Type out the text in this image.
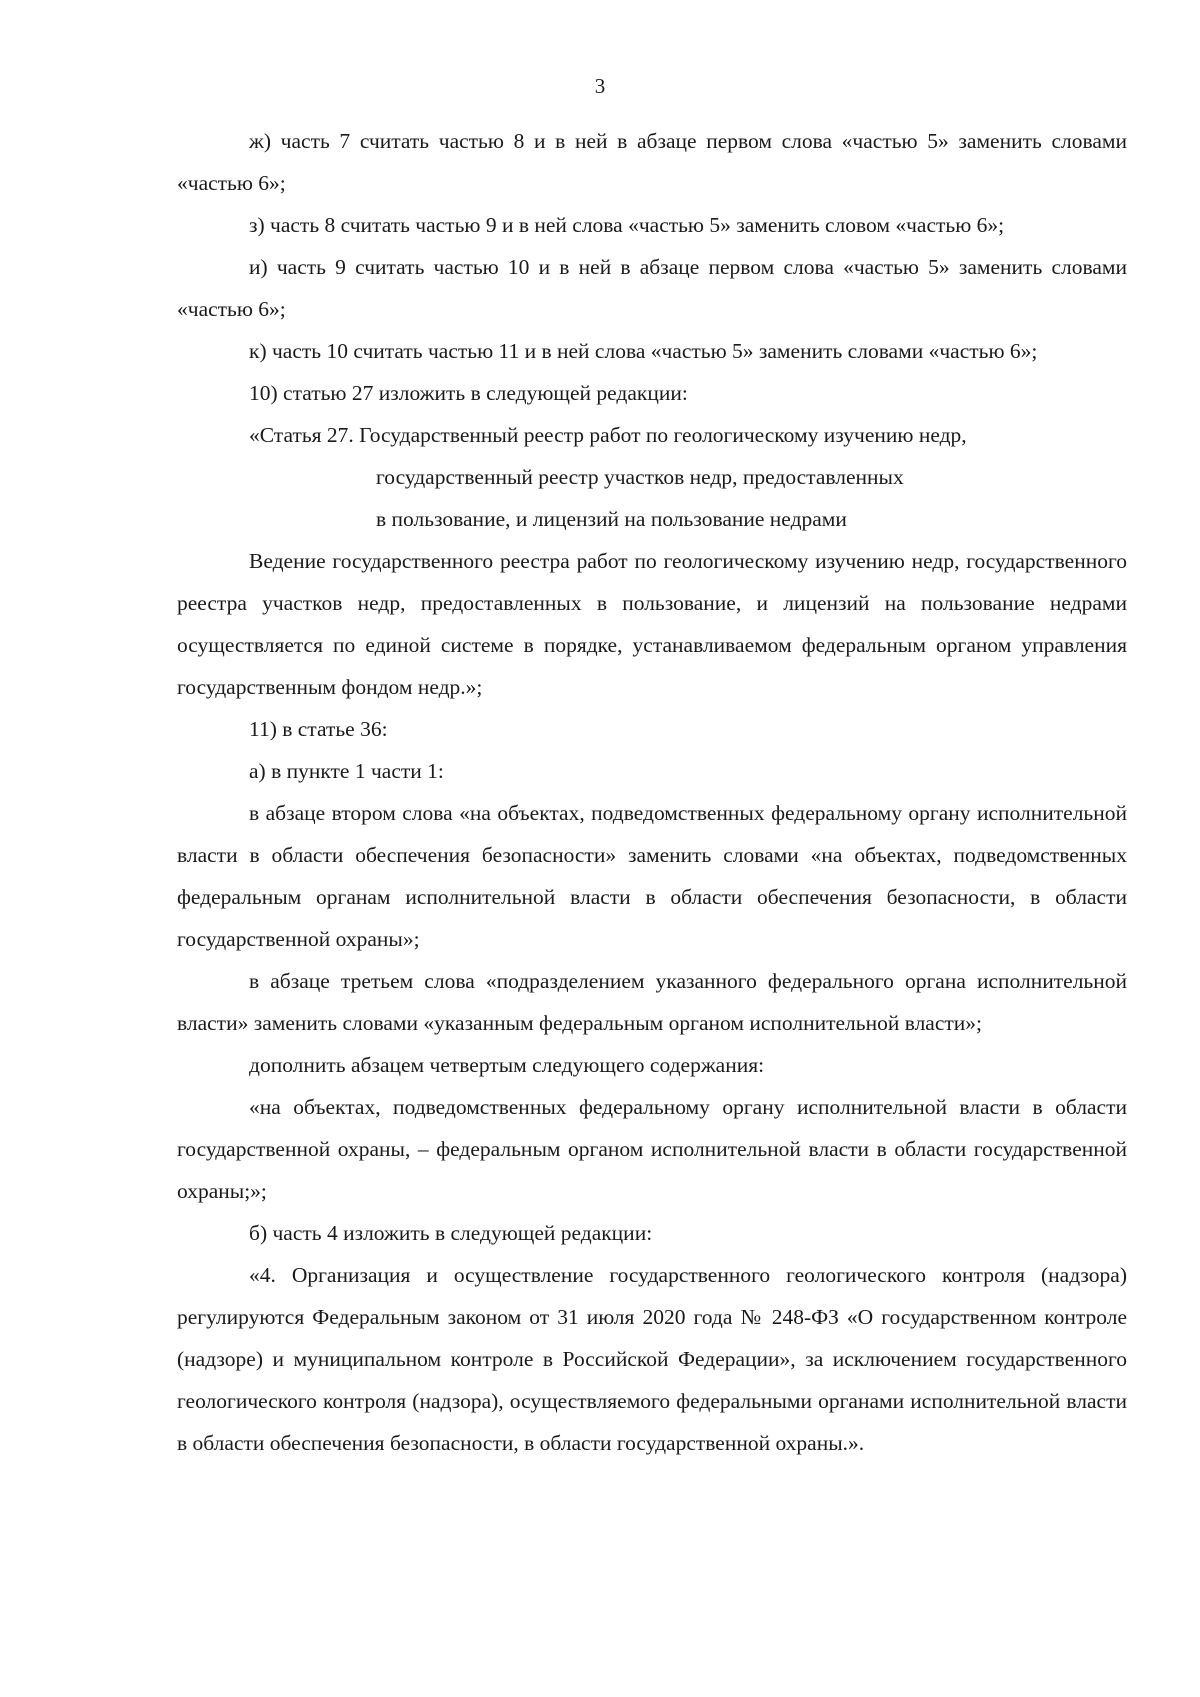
3

ж) часть 7 считать частью 8 и в ней в абзаце первом слова «частью 5» заменить словами «частью 6»;

з) часть 8 считать частью 9 и в ней слова «частью 5» заменить словом «частью 6»;

и) часть 9 считать частью 10 и в ней в абзаце первом слова «частью 5» заменить словами «частью 6»;

к) часть 10 считать частью 11 и в ней слова «частью 5» заменить словами «частью 6»;

10) статью 27 изложить в следующей редакции:

«Статья 27. Государственный реестр работ по геологическому изучению недр,
государственный реестр участков недр, предоставленных
в пользование, и лицензий на пользование недрами

Ведение государственного реестра работ по геологическому изучению недр, государственного реестра участков недр, предоставленных в пользование, и лицензий на пользование недрами осуществляется по единой системе в порядке, устанавливаемом федеральным органом управления государственным фондом недр.»;

11) в статье 36:

а) в пункте 1 части 1:

в абзаце втором слова «на объектах, подведомственных федеральному органу исполнительной власти в области обеспечения безопасности» заменить словами «на объектах, подведомственных федеральным органам исполнительной власти в области обеспечения безопасности, в области государственной охраны»;

в абзаце третьем слова «подразделением указанного федерального органа исполнительной власти» заменить словами «указанным федеральным органом исполнительной власти»;

дополнить абзацем четвертым следующего содержания:

«на объектах, подведомственных федеральному органу исполнительной власти в области государственной охраны, – федеральным органом исполнительной власти в области государственной охраны;»;

б) часть 4 изложить в следующей редакции:

«4. Организация и осуществление государственного геологического контроля (надзора) регулируются Федеральным законом от 31 июля 2020 года № 248-ФЗ «О государственном контроле (надзоре) и муниципальном контроле в Российской Федерации», за исключением государственного геологического контроля (надзора), осуществляемого федеральными органами исполнительной власти в области обеспечения безопасности, в области государственной охраны.».
